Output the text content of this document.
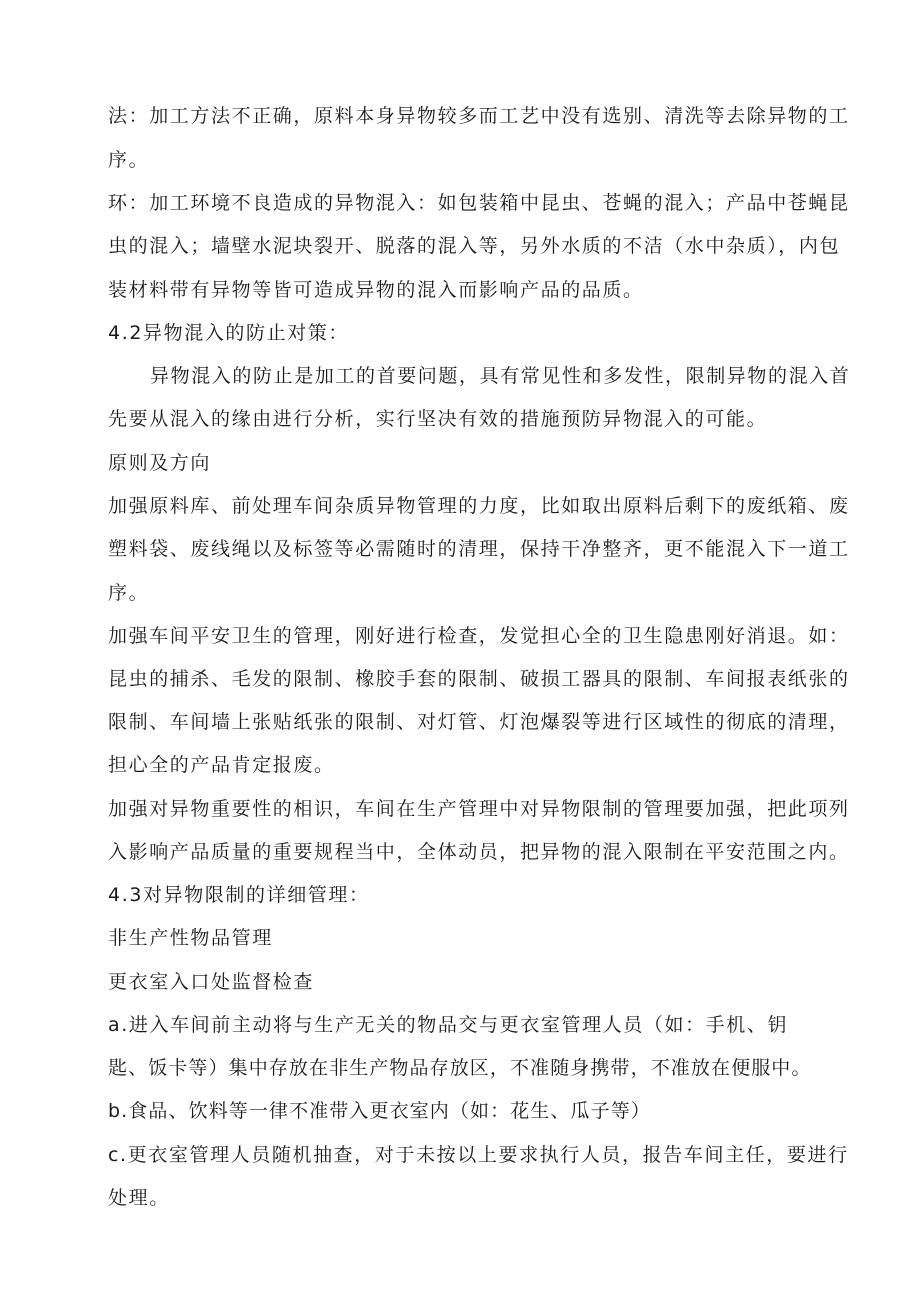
法：加工方法不正确，原料本身异物较多而工艺中没有选别、清洗等去除异物的工
序。
环：加工环境不良造成的异物混入：如包装箱中昆虫、苍蝇的混入；产品中苍蝇昆
虫的混入；墙壁水泥块裂开、脱落的混入等，另外水质的不洁（水中杂质），内包
装材料带有异物等皆可造成异物的混入而影响产品的品质。
4.2异物混入的防止对策：
异物混入的防止是加工的首要问题，具有常见性和多发性，限制异物的混入首
先要从混入的缘由进行分析，实行坚决有效的措施预防异物混入的可能。
原则及方向
加强原料库、前处理车间杂质异物管理的力度，比如取出原料后剩下的废纸箱、废
塑料袋、废线绳以及标签等必需随时的清理，保持干净整齐，更不能混入下一道工
序。
加强车间平安卫生的管理，刚好进行检查，发觉担心全的卫生隐患刚好消退。如：
昆虫的捕杀、毛发的限制、橡胶手套的限制、破损工器具的限制、车间报表纸张的
限制、车间墙上张贴纸张的限制、对灯管、灯泡爆裂等进行区域性的彻底的清理，
担心全的产品肯定报废。
加强对异物重要性的相识，车间在生产管理中对异物限制的管理要加强，把此项列
入影响产品质量的重要规程当中，全体动员，把异物的混入限制在平安范围之内。
4.3对异物限制的详细管理：
非生产性物品管理
更衣室入口处监督检查
a.进入车间前主动将与生产无关的物品交与更衣室管理人员（如：手机、钥
匙、饭卡等）集中存放在非生产物品存放区，不准随身携带，不准放在便服中。
b.食品、饮料等一律不准带入更衣室内（如：花生、瓜子等）
c.更衣室管理人员随机抽查，对于未按以上要求执行人员，报告车间主任，要进行
处理。
